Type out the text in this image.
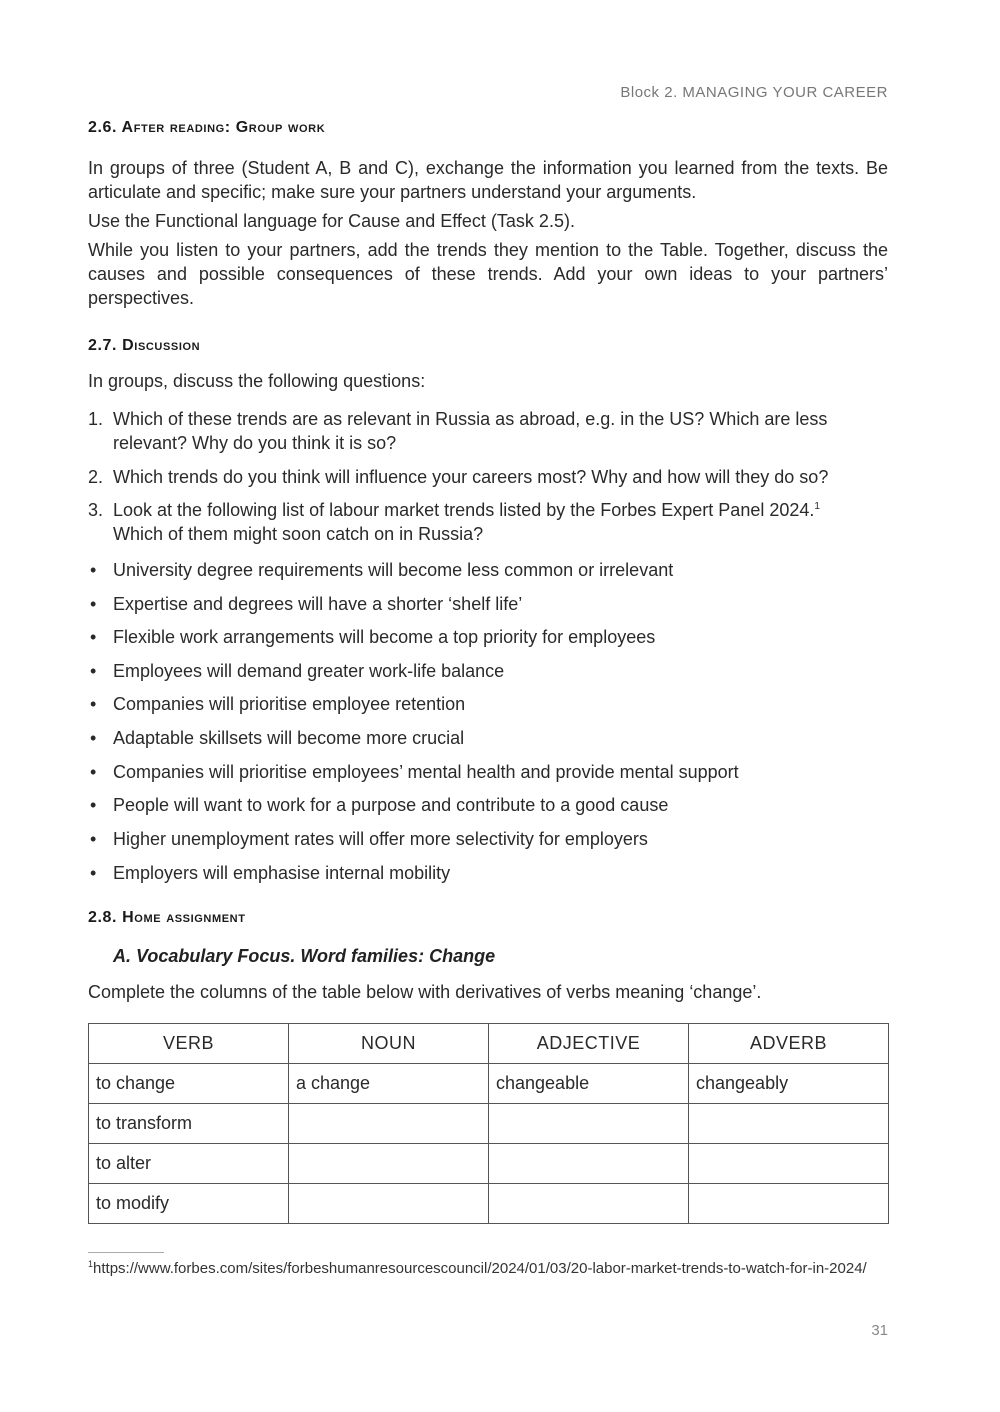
Block 2. MANAGING YOUR CAREER
2.6. After reading: Group work
In groups of three (Student A, B and C), exchange the information you learned from the texts. Be articulate and specific; make sure your partners understand your arguments.
Use the Functional language for Cause and Effect (Task 2.5).
While you listen to your partners, add the trends they mention to the Table. Together, discuss the causes and possible consequences of these trends. Add your own ideas to your partners’ perspectives.
2.7. Discussion
In groups, discuss the following questions:
1. Which of these trends are as relevant in Russia as abroad, e.g. in the US? Which are less relevant? Why do you think it is so?
2. Which trends do you think will influence your careers most? Why and how will they do so?
3. Look at the following list of labour market trends listed by the Forbes Expert Panel 2024.$^1$
Which of them might soon catch on in Russia?
• University degree requirements will become less common or irrelevant
• Expertise and degrees will have a shorter ‘shelf life’
• Flexible work arrangements will become a top priority for employees
• Employees will demand greater work-life balance
• Companies will prioritise employee retention
• Adaptable skillsets will become more crucial
• Companies will prioritise employees’ mental health and provide mental support
• People will want to work for a purpose and contribute to a good cause
• Higher unemployment rates will offer more selectivity for employers
• Employers will emphasise internal mobility
2.8. Home assignment
A. Vocabulary Focus. Word families: Change
Complete the columns of the table below with derivatives of verbs meaning ‘change’.
VERB	NOUN	ADJECTIVE	ADVERB
to change	a change	changeable	changeably
to transform			
to alter			
to modify			
$^1$https://www.forbes.com/sites/forbeshumanresourcescouncil/2024/01/03/20-labor-market-trends-to-watch-for-in-2024/
31
